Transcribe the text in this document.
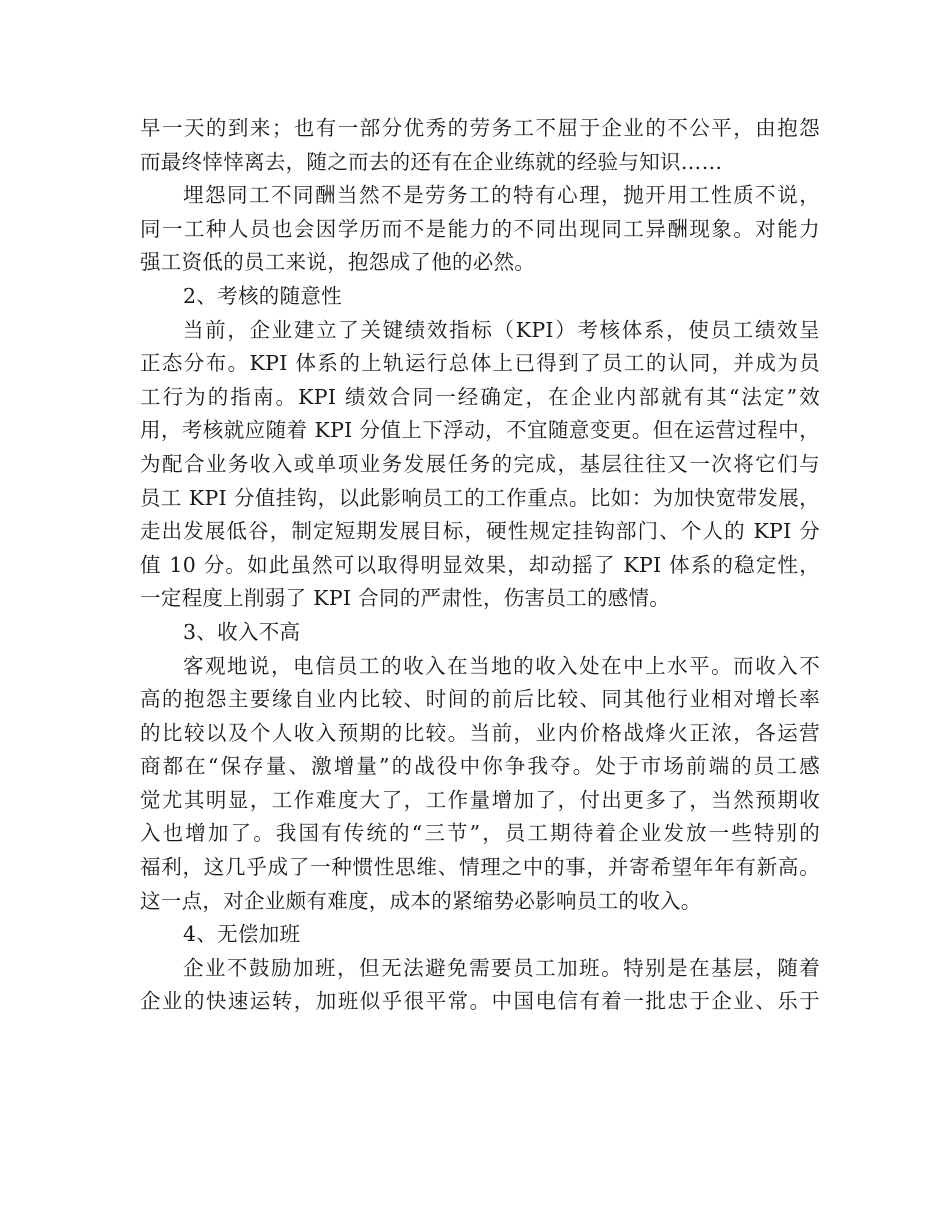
早一天的到来；也有一部分优秀的劳务工不屈于企业的不公平，由抱怨
而最终悻悻离去，随之而去的还有在企业练就的经验与知识……
埋怨同工不同酬当然不是劳务工的特有心理，抛开用工性质不说，
同一工种人员也会因学历而不是能力的不同出现同工异酬现象。对能力
强工资低的员工来说，抱怨成了他的必然。
2、考核的随意性
当前，企业建立了关键绩效指标（KPI）考核体系，使员工绩效呈
正态分布。KPI 体系的上轨运行总体上已得到了员工的认同，并成为员
工行为的指南。KPI 绩效合同一经确定，在企业内部就有其“法定”效
用，考核就应随着 KPI 分值上下浮动，不宜随意变更。但在运营过程中，
为配合业务收入或单项业务发展任务的完成，基层往往又一次将它们与
员工 KPI 分值挂钩，以此影响员工的工作重点。比如：为加快宽带发展，
走出发展低谷，制定短期发展目标，硬性规定挂钩部门、个人的 KPI 分
值 10 分。如此虽然可以取得明显效果，却动摇了 KPI 体系的稳定性，
一定程度上削弱了 KPI 合同的严肃性，伤害员工的感情。
3、收入不高
客观地说，电信员工的收入在当地的收入处在中上水平。而收入不
高的抱怨主要缘自业内比较、时间的前后比较、同其他行业相对增长率
的比较以及个人收入预期的比较。当前，业内价格战烽火正浓，各运营
商都在“保存量、激增量”的战役中你争我夺。处于市场前端的员工感
觉尤其明显，工作难度大了，工作量增加了，付出更多了，当然预期收
入也增加了。我国有传统的“三节”，员工期待着企业发放一些特别的
福利，这几乎成了一种惯性思维、情理之中的事，并寄希望年年有新高。
这一点，对企业颇有难度，成本的紧缩势必影响员工的收入。
4、无偿加班
企业不鼓励加班，但无法避免需要员工加班。特别是在基层，随着
企业的快速运转，加班似乎很平常。中国电信有着一批忠于企业、乐于
